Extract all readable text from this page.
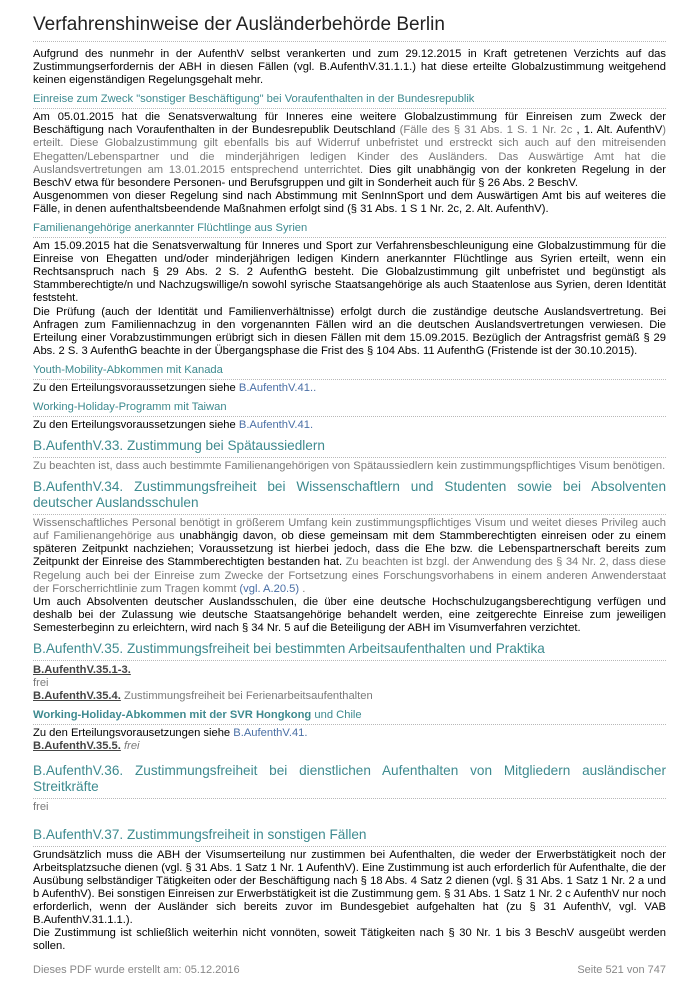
Verfahrenshinweise der Ausländerbehörde Berlin

Aufgrund des nunmehr in der AufenthV selbst verankerten und zum 29.12.2015 in Kraft getretenen Verzichts auf das Zustimmungserfordernis der ABH in diesen Fällen (vgl. B.AufenthV.31.1.1.) hat diese erteilte Globalzustimmung weitgehend keinen eigenständigen Regelungsgehalt mehr.

Einreise zum Zweck "sonstiger Beschäftigung" bei Voraufenthalten in der Bundesrepublik

Am 05.01.2015 hat die Senatsverwaltung für Inneres eine weitere Globalzustimmung für Einreisen zum Zweck der Beschäftigung nach Voraufenthalten in der Bundesrepublik Deutschland (Fälle des § 31 Abs. 1 S. 1 Nr. 2c , 1. Alt. AufenthV) erteilt. Diese Globalzustimmung gilt ebenfalls bis auf Widerruf unbefristet und erstreckt sich auch auf den mitreisenden Ehegatten/Lebenspartner und die minderjährigen ledigen Kinder des Ausländers. Das Auswärtige Amt hat die Auslandsvertretungen am 13.01.2015 entsprechend unterrichtet. Dies gilt unabhängig von der konkreten Regelung in der BeschV etwa für besondere Personen- und Berufsgruppen und gilt in Sonderheit auch für § 26 Abs. 2 BeschV.

Ausgenommen von dieser Regelung sind nach Abstimmung mit SenInnSport und dem Auswärtigen Amt bis auf weiteres die Fälle, in denen aufenthaltsbeendende Maßnahmen erfolgt sind (§ 31 Abs. 1 S 1 Nr. 2c, 2. Alt. AufenthV).

Familienangehörige anerkannter Flüchtlinge aus Syrien

Am 15.09.2015 hat die Senatsverwaltung für Inneres und Sport zur Verfahrensbeschleunigung eine Globalzustimmung für die Einreise von Ehegatten und/oder minderjährigen ledigen Kindern anerkannter Flüchtlinge aus Syrien erteilt, wenn ein Rechtsanspruch nach § 29 Abs. 2 S. 2 AufenthG besteht. Die Globalzustimmung gilt unbefristet und begünstigt als Stammberechtigte/n und Nachzugswillige/n sowohl syrische Staatsangehörige als auch Staatenlose aus Syrien, deren Identität feststeht.

Die Prüfung (auch der Identität und Familienverhältnisse) erfolgt durch die zuständige deutsche Auslandsvertretung. Bei Anfragen zum Familiennachzug in den vorgenannten Fällen wird an die deutschen Auslandsvertretungen verwiesen. Die Erteilung einer Vorabzustimmungen erübrigt sich in diesen Fällen mit dem 15.09.2015. Bezüglich der Antragsfrist gemäß § 29 Abs. 2 S. 3 AufenthG beachte in der Übergangsphase die Frist des § 104 Abs. 11 AufenthG (Fristende ist der 30.10.2015).

Youth-Mobility-Abkommen mit Kanada

Zu den Erteilungsvoraussetzungen siehe B.AufenthV.41..

Working-Holiday-Programm mit Taiwan

Zu den Erteilungsvoraussetzungen siehe B.AufenthV.41.

B.AufenthV.33. Zustimmung bei Spätaussiedlern

Zu beachten ist, dass auch bestimmte Familienangehörigen von Spätaussiedlern kein zustimmungspflichtiges Visum benötigen.

B.AufenthV.34. Zustimmungsfreiheit bei Wissenschaftlern und Studenten sowie bei Absolventen deutscher Auslandsschulen

Wissenschaftliches Personal benötigt in größerem Umfang kein zustimmungspflichtiges Visum und weitet dieses Privileg auch auf Familienangehörige aus unabhängig davon, ob diese gemeinsam mit dem Stammberechtigten einreisen oder zu einem späteren Zeitpunkt nachziehen; Voraussetzung ist hierbei jedoch, dass die Ehe bzw. die Lebenspartnerschaft bereits zum Zeitpunkt der Einreise des Stammberechtigten bestanden hat. Zu beachten ist bzgl. der Anwendung des § 34 Nr. 2, dass diese Regelung auch bei der Einreise zum Zwecke der Fortsetzung eines Forschungsvorhabens in einem anderen Anwenderstaat der Forscherrichtlinie zum Tragen kommt (vgl. A.20.5) .

Um auch Absolventen deutscher Auslandsschulen, die über eine deutsche Hochschulzugangsberechtigung verfügen und deshalb bei der Zulassung wie deutsche Staatsangehörige behandelt werden, eine zeitgerechte Einreise zum jeweiligen Semesterbeginn zu erleichtern, wird nach § 34 Nr. 5 auf die Beteiligung der ABH im Visumverfahren verzichtet.

B.AufenthV.35. Zustimmungsfreiheit bei bestimmten Arbeitsaufenthalten und Praktika

B.AufenthV.35.1-3.

frei

B.AufenthV.35.4. Zustimmungsfreiheit bei Ferienarbeitsaufenthalten

Working-Holiday-Abkommen mit der SVR Hongkong und Chile

Zu den Erteilungsvorausetzungen siehe B.AufenthV.41.

B.AufenthV.35.5. frei

B.AufenthV.36. Zustimmungsfreiheit bei dienstlichen Aufenthalten von Mitgliedern ausländischer Streitkräfte

frei

B.AufenthV.37. Zustimmungsfreiheit in sonstigen Fällen

Grundsätzlich muss die ABH der Visumserteilung nur zustimmen bei Aufenthalten, die weder der Erwerbstätigkeit noch der Arbeitsplatzsuche dienen (vgl. § 31 Abs. 1 Satz 1 Nr. 1 AufenthV). Eine Zustimmung ist auch erforderlich für Aufenthalte, die der Ausübung selbständiger Tätigkeiten oder der Beschäftigung nach § 18 Abs. 4 Satz 2 dienen (vgl. § 31 Abs. 1 Satz 1 Nr. 2 a und b AufenthV). Bei sonstigen Einreisen zur Erwerbstätigkeit ist die Zustimmung gem. § 31 Abs. 1 Satz 1 Nr. 2 c AufenthV nur noch erforderlich, wenn der Ausländer sich bereits zuvor im Bundesgebiet aufgehalten hat (zu § 31 AufenthV, vgl. VAB B.AufenthV.31.1.1.).

Die Zustimmung ist schließlich weiterhin nicht vonnöten, soweit Tätigkeiten nach § 30 Nr. 1 bis 3 BeschV ausgeübt werden sollen.

Dieses PDF wurde erstellt am: 05.12.2016	Seite 521 von 747
